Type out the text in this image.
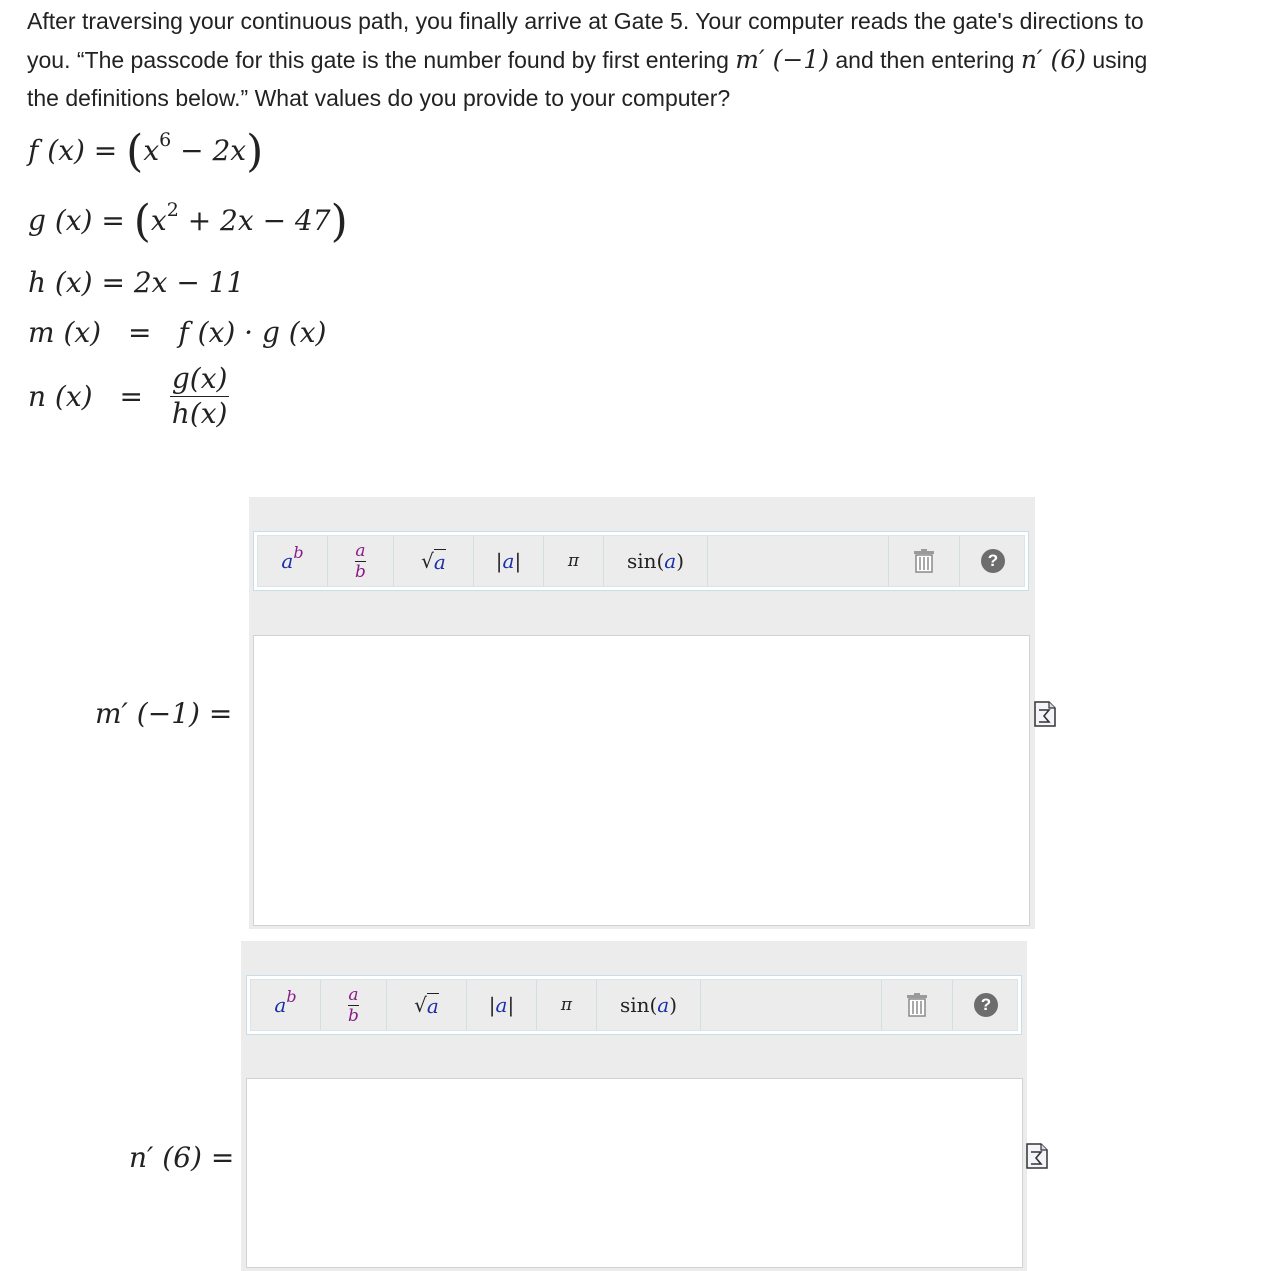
After traversing your continuous path, you finally arrive at Gate 5. Your computer reads the gate's directions to
you. “The passcode for this gate is the number found by first entering m′ (−1) and then entering n′ (6) using
the definitions below.” What values do you provide to your computer?
f $(x) = (x^6 - 2x)$
g $(x) = (x^2 + 2x - 47)$
h (x) = 2x − 11
m (x) = f (x) · g (x)
n $(x) = \frac{g(x)}{h(x)}$
a b	a
b	√ a | a |	π sin ( a )	?
m′ (−1) =
a b	a
b	√ a | a |	π sin ( a )	?
n′ (6) =
